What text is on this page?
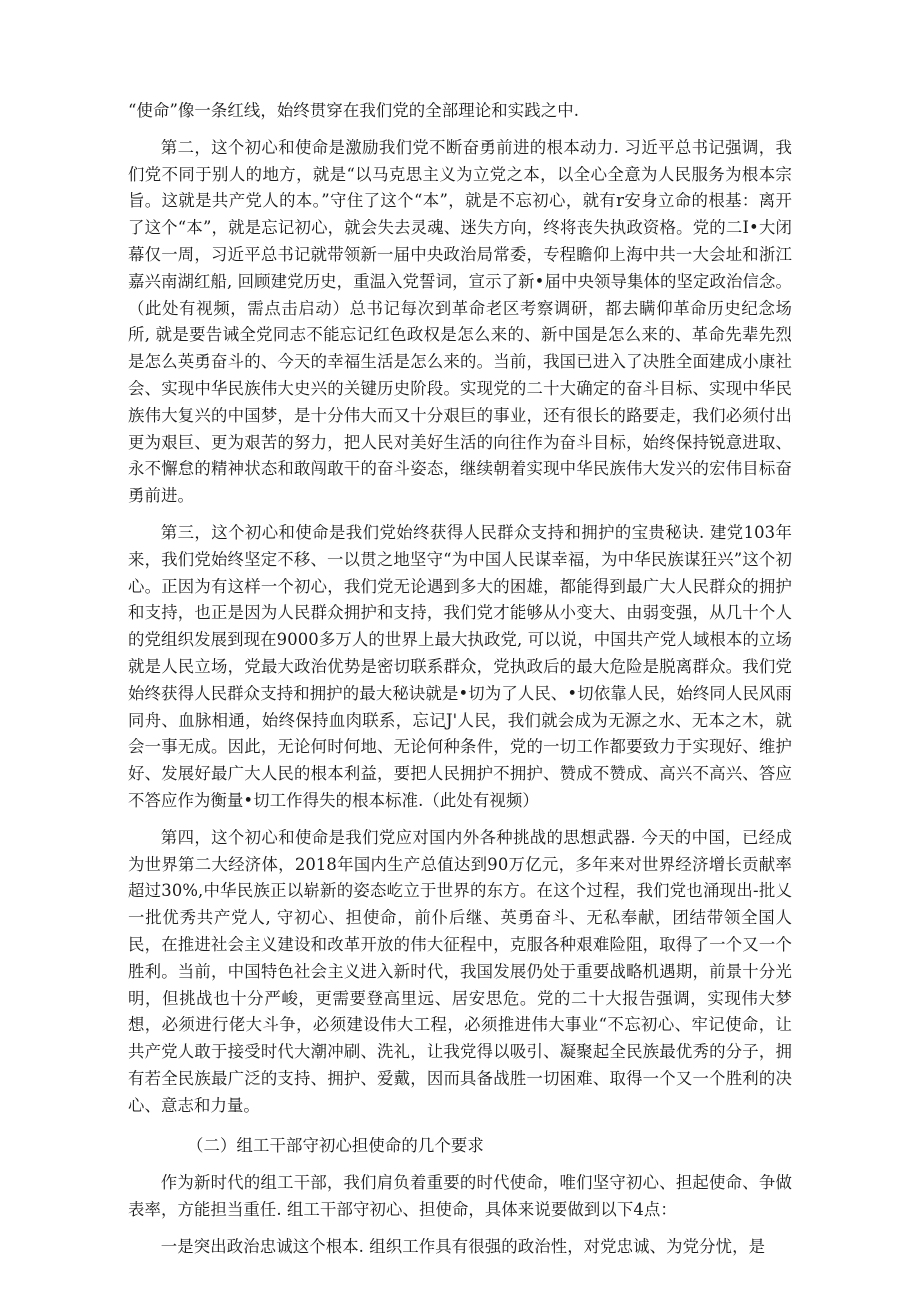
“使命”像一条红线，始终贯穿在我们党的全部理论和实践之中.

第二，这个初心和使命是激励我们党不断奋勇前进的根本动力. 习近平总书记强调，我们党不同于别人的地方，就是“以马克思主义为立党之本，以全心全意为人民服务为根本宗旨。这就是共产党人的本。”守住了这个“本”，就是不忘初心，就有r安身立命的根基：离开了这个“本”，就是忘记初心，就会失去灵魂、迷失方向，终将丧失执政资格。党的二I•大闭幕仅一周，习近平总书记就带领新一届中央政治局常委，专程瞻仰上海中共一大会址和浙江嘉兴南湖红船, 回顾建党历史，重温入党誓词，宣示了新•届中央领导集体的坚定政治信念。（此处有视频，需点击启动）总书记每次到革命老区考察调研，都去瞒仰革命历史纪念场所, 就是要告诫全党同志不能忘记红色政权是怎么来的、新中国是怎么来的、革命先辈先烈是怎么英勇奋斗的、今天的幸福生活是怎么来的。当前，我国已进入了决胜全面建成小康社会、实现中华民族伟大史兴的关键历史阶段。实现党的二十大确定的奋斗目标、实现中华民族伟大复兴的中国梦，是十分伟大而又十分艰巨的事业，还有很长的路要走，我们必须付出更为艰巨、更为艰苦的努力，把人民对美好生活的向往作为奋斗目标，始终保持锐意进取、永不懈怠的精神状态和敢闯敢干的奋斗姿态，继续朝着实现中华民族伟大发兴的宏伟目标奋勇前进。

第三，这个初心和使命是我们党始终获得人民群众支持和拥护的宝贵秘诀. 建党103年来，我们党始终坚定不移、一以贯之地坚守“为中国人民谋幸福，为中华民族谋狂兴”这个初心。正因为有这样一个初心，我们党无论遇到多大的困雄，都能得到最广大人民群众的拥护和支持，也正是因为人民群众拥护和支持，我们党才能够从小变大、由弱变强，从几十个人的党组织发展到现在9000多万人的世界上最大执政党, 可以说，中国共产党人域根本的立场就是人民立场，党最大政治优势是密切联系群众，党执政后的最大危险是脱离群众。我们党始终获得人民群众支持和拥护的最大秘诀就是•切为了人民、•切依靠人民，始终同人民风雨同舟、血脉相通，始终保持血肉联系，忘记J'人民，我们就会成为无源之水、无本之木，就会一事无成。因此，无论何时何地、无论何种条件，党的一切工作都要致力于实现好、维护好、发展好最广大人民的根本利益，要把人民拥护不拥护、赞成不赞成、高兴不高兴、答应不答应作为衡量•切工作得失的根本标准.（此处有视频）

第四，这个初心和使命是我们党应对国内外各种挑战的思想武器. 今天的中国，已经成为世界第二大经济体，2018年国内生产总值达到90万亿元，多年来对世界经济增长贡献率超过30%,中华民族正以崭新的姿态屹立于世界的东方。在这个过程，我们党也涌现出-批乂一批优秀共产党人, 守初心、担使命，前仆后继、英勇奋斗、无私奉献，团结带领全国人民，在推进社会主义建设和改革开放的伟大征程中，克服各种艰难险阻，取得了一个又一个胜利。当前，中国特色社会主义进入新时代，我国发展仍处于重要战略机遇期，前景十分光明，但挑战也十分严峻，更需要登高里远、居安思危。党的二十大报告强调，实现伟大梦想，必须进行佬大斗争，必须建设伟大工程，必须推进伟大事业“不忘初心、牢记使命，让共产党人敢于接受时代大潮冲刷、洗礼，让我党得以吸引、凝聚起全民族最优秀的分子，拥有若全民族最广泛的支持、拥护、爱戴，因而具备战胜一切困难、取得一个又一个胜利的决心、意志和力量。

（二）组工干部守初心担使命的几个要求

作为新时代的组工干部，我们肩负着重要的时代使命，唯们坚守初心、担起使命、争做表率，方能担当重任. 组工干部守初心、担使命，具体来说要做到以下4点：

一是突出政治忠诚这个根本. 组织工作具有很强的政治性，对党忠诚、为党分忧，是
